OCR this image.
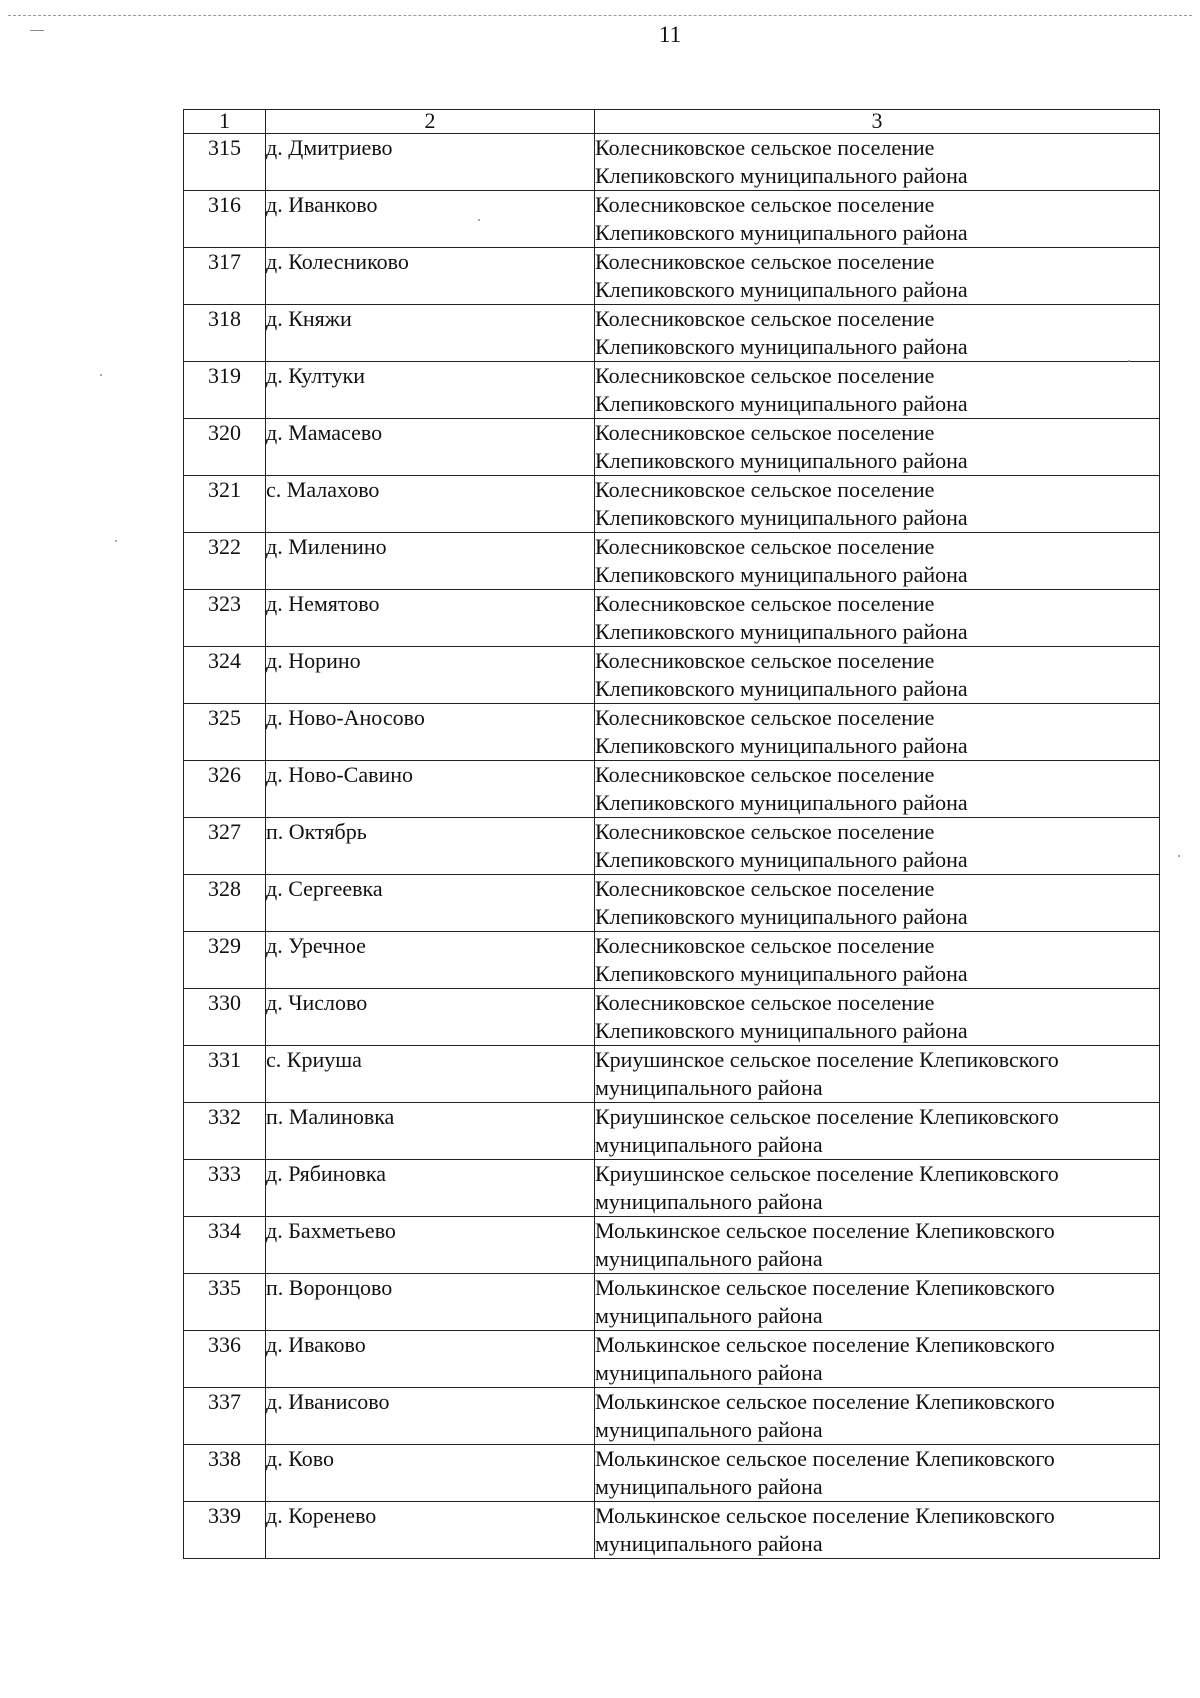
11
1	2	3
315	д. Дмитриево	Колесниковское сельское поселение
Клепиковского муниципального района

316	д. Иванково	Колесниковское сельское поселение
Клепиковского муниципального района

317	д. Колесниково	Колесниковское сельское поселение
Клепиковского муниципального района

318	д. Княжи	Колесниковское сельское поселение
Клепиковского муниципального района

319	д. Култуки	Колесниковское сельское поселение
Клепиковского муниципального района

320	д. Мамасево	Колесниковское сельское поселение
Клепиковского муниципального района

321	с. Малахово	Колесниковское сельское поселение
Клепиковского муниципального района

322	д. Миленино	Колесниковское сельское поселение
Клепиковского муниципального района

323	д. Немятово	Колесниковское сельское поселение
Клепиковского муниципального района

324	д. Норино	Колесниковское сельское поселение
Клепиковского муниципального района

325	д. Ново-Аносово	Колесниковское сельское поселение
Клепиковского муниципального района

326	д. Ново-Савино	Колесниковское сельское поселение
Клепиковского муниципального района

327	п. Октябрь	Колесниковское сельское поселение
Клепиковского муниципального района

328	д. Сергеевка	Колесниковское сельское поселение
Клепиковского муниципального района

329	д. Уречное	Колесниковское сельское поселение
Клепиковского муниципального района

330	д. Числово	Колесниковское сельское поселение
Клепиковского муниципального района

331	с. Криуша	Криушинское сельское поселение Клепиковского
муниципального района

332	п. Малиновка	Криушинское сельское поселение Клепиковского
муниципального района

333	д. Рябиновка	Криушинское сельское поселение Клепиковского
муниципального района

334	д. Бахметьево	Молькинское сельское поселение Клепиковского
муниципального района

335	п. Воронцово	Молькинское сельское поселение Клепиковского
муниципального района

336	д. Иваково	Молькинское сельское поселение Клепиковского
муниципального района

337	д. Иванисово	Молькинское сельское поселение Клепиковского
муниципального района

338	д. Ково	Молькинское сельское поселение Клепиковского
муниципального района

339	д. Коренево	Молькинское сельское поселение Клепиковского
муниципального района
